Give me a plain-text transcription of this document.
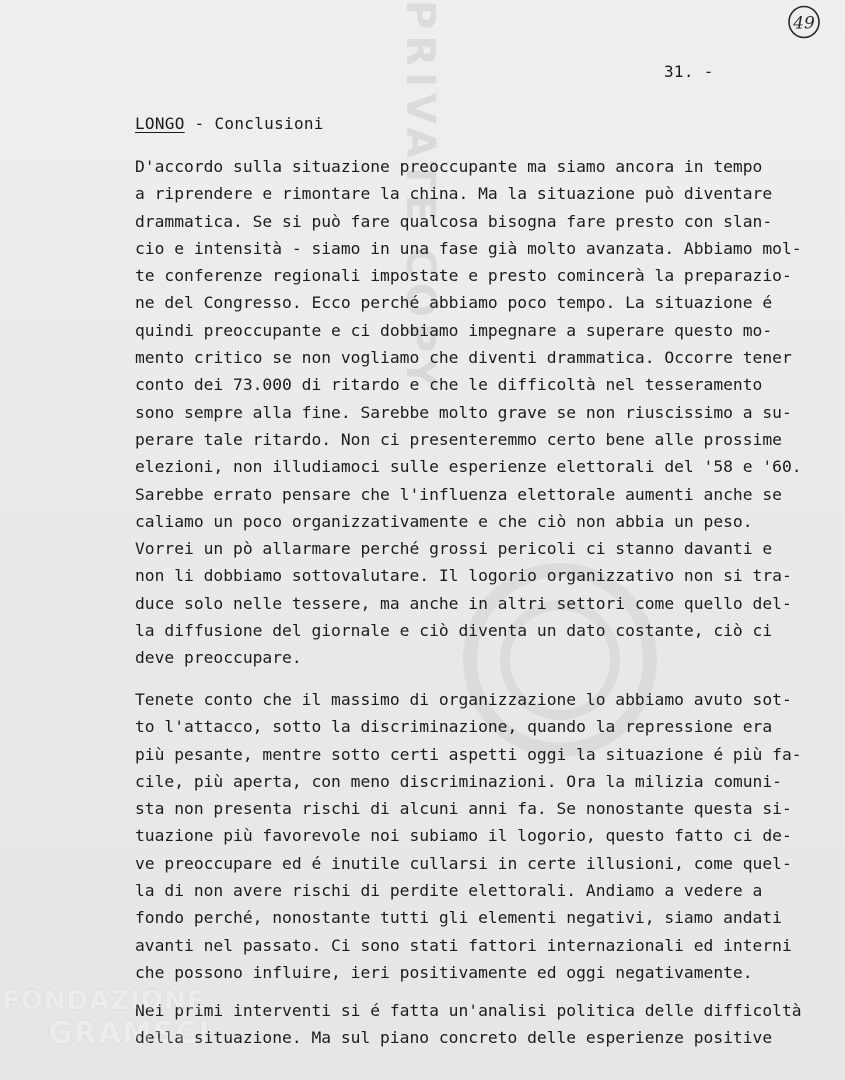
49
PRIVATE COPY	31. -
LONGO - Conclusioni
D'accordo sulla situazione preoccupante ma siamo ancora in tempo
a riprendere e rimontare la china. Ma la situazione può diventare
drammatica. Se si può fare qualcosa bisogna fare presto con slan-
cio e intensità - siamo in una fase già molto avanzata. Abbiamo mol-
te conferenze regionali impostate e presto comincerà la preparazio-
ne del Congresso. Ecco perché abbiamo poco tempo. La situazione é
quindi preoccupante e ci dobbiamo impegnare a superare questo mo-
mento critico se non vogliamo che diventi drammatica. Occorre tener
conto dei 73.000 di ritardo e che le difficoltà nel tesseramento
sono sempre alla fine. Sarebbe molto grave se non riuscissimo a su-
perare tale ritardo. Non ci presenteremmo certo bene alle prossime
elezioni, non illudiamoci sulle esperienze elettorali del '58 e '60.
Sarebbe errato pensare che l'influenza elettorale aumenti anche se
caliamo un poco organizzativamente e che ciò non abbia un peso.
Vorrei un pò allarmare perché grossi pericoli ci stanno davanti e
non li dobbiamo sottovalutare. Il logorio organizzativo non si tra-
duce solo nelle tessere, ma anche in altri settori come quello del-
la diffusione del giornale e ciò diventa un dato costante, ciò ci
deve preoccupare.
Tenete conto che il massimo di organizzazione lo abbiamo avuto sot-
to l'attacco, sotto la discriminazione, quando la repressione era
più pesante, mentre sotto certi aspetti oggi la situazione é più fa-
cile, più aperta, con meno discriminazioni. Ora la milizia comuni-
sta non presenta rischi di alcuni anni fa. Se nonostante questa si-
tuazione più favorevole noi subiamo il logorio, questo fatto ci de-
ve preoccupare ed é inutile cullarsi in certe illusioni, come quel-
la di non avere rischi di perdite elettorali. Andiamo a vedere a
fondo perché, nonostante tutti gli elementi negativi, siamo andati
avanti nel passato. Ci sono stati fattori internazionali ed interni
che possono influire, ieri positivamente ed oggi negativamente.
Nei primi interventi si é fatta un'analisi politica delle difficoltà
della situazione. Ma sul piano concreto delle esperienze positive
FONDAZIONE
GRAMSCI
